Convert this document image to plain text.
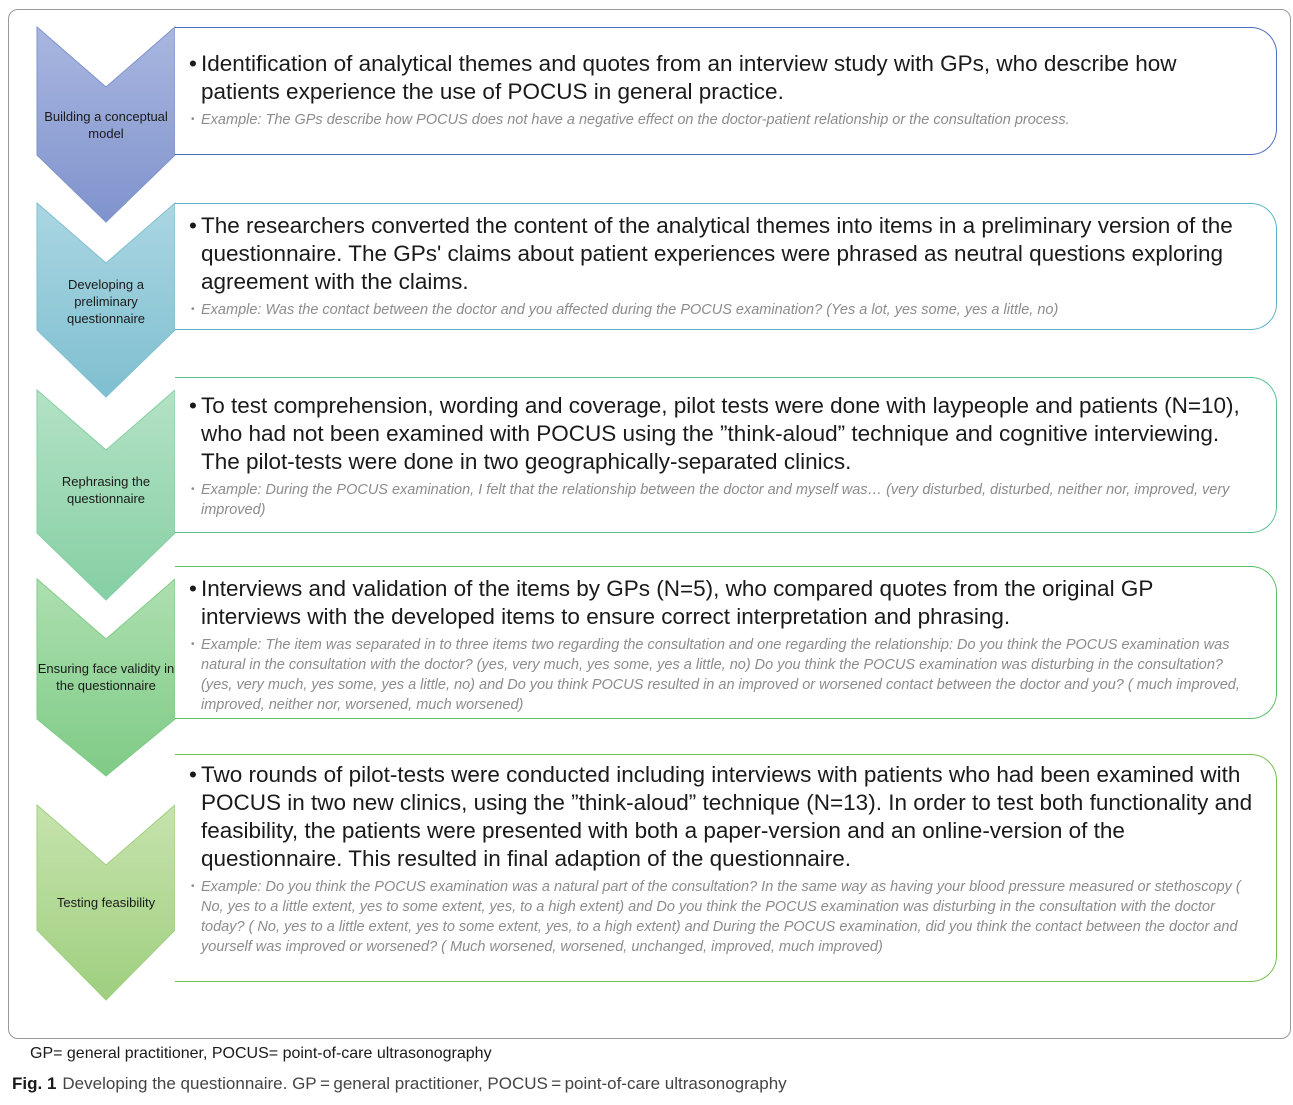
Building a conceptual model
Developing a preliminary questionnaire
Rephrasing the questionnaire
Ensuring face validity in the questionnaire
Testing feasibility
• Identification of analytical themes and quotes from an interview study with GPs, who describe how patients experience the use of POCUS in general practice.
• Example: The GPs describe how POCUS does not have a negative effect on the doctor-patient relationship or the consultation process.
• The researchers converted the content of the analytical themes into items in a preliminary version of the questionnaire. The GPs' claims about patient experiences were phrased as neutral questions exploring agreement with the claims.
• Example: Was the contact between the doctor and you affected during the POCUS examination? (Yes a lot, yes some, yes a little, no)
• To test comprehension, wording and coverage, pilot tests were done with laypeople and patients (N=10), who had not been examined with POCUS using the ”think-aloud” technique and cognitive interviewing. The pilot-tests were done in two geographically-separated clinics.
• Example: During the POCUS examination, I felt that the relationship between the doctor and myself was… (very disturbed, disturbed, neither nor, improved, very improved)
• Interviews and validation of the items by GPs (N=5), who compared quotes from the original GP interviews with the developed items to ensure correct interpretation and phrasing.
• Example: The item was separated in to three items two regarding the consultation and one regarding the relationship: Do you think the POCUS examination was natural in the consultation with the doctor? (yes, very much, yes some, yes a little, no) Do you think the POCUS examination was disturbing in the consultation? (yes, very much, yes some, yes a little, no) and Do you think POCUS resulted in an improved or worsened contact between the doctor and you? ( much improved, improved, neither nor, worsened, much worsened)
• Two rounds of pilot-tests were conducted including interviews with patients who had been examined with POCUS in two new clinics, using the ”think-aloud” technique (N=13). In order to test both functionality and feasibility, the patients were presented with both a paper-version and an online-version of the questionnaire. This resulted in final adaption of the questionnaire.
• Example: Do you think the POCUS examination was a natural part of the consultation? In the same way as having your blood pressure measured or stethoscopy ( No, yes to a little extent, yes to some extent, yes, to a high extent) and Do you think the POCUS examination was disturbing in the consultation with the doctor today? ( No, yes to a little extent, yes to some extent, yes, to a high extent) and During the POCUS examination, did you think the contact between the doctor and yourself was improved or worsened? ( Much worsened, worsened, unchanged, improved, much improved)
GP= general practitioner, POCUS= point-of-care ultrasonography
Fig. 1 Developing the questionnaire. GP = general practitioner, POCUS = point-of-care ultrasonography
